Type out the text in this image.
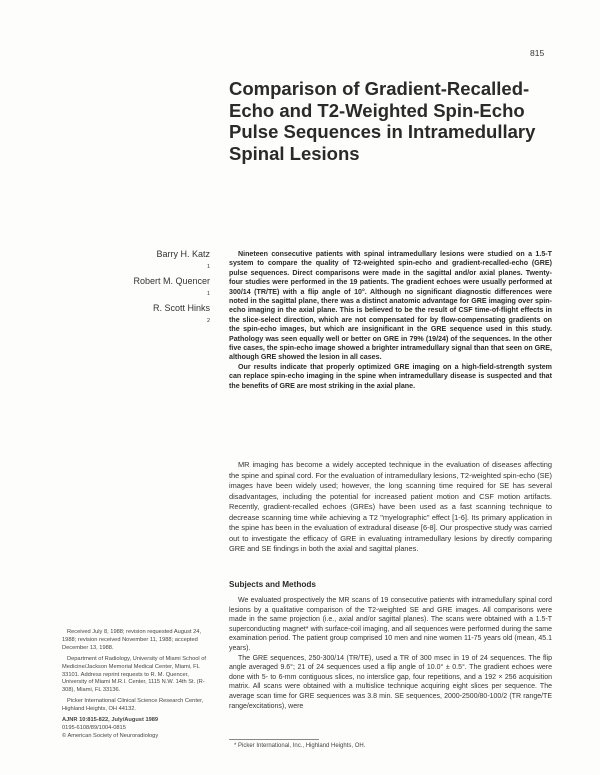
815
Comparison of Gradient-Recalled-
Echo and T2-Weighted Spin-Echo
Pulse Sequences in Intramedullary
Spinal Lesions
Barry H. Katz
$^1$
Robert M. Quencer
$^1$
R. Scott Hinks
$^2$

Nineteen consecutive patients with spinal intramedullary lesions were studied on a 1.5-T system to compare the quality of T2-weighted spin-echo and gradient-recalled-echo (GRE) pulse sequences. Direct comparisons were made in the sagittal and/or axial planes. Twenty-four studies were performed in the 19 patients. The gradient echoes were usually performed at 300/14 (TR/TE) with a flip angle of 10°. Although no significant diagnostic differences were noted in the sagittal plane, there was a distinct anatomic advantage for GRE imaging over spin-echo imaging in the axial plane. This is believed to be the result of CSF time-of-flight effects in the slice-select direction, which are not compensated for by flow-compensating gradients on the spin-echo images, but which are insignificant in the GRE sequence used in this study. Pathology was seen equally well or better on GRE in 79% (19/24) of the sequences. In the other five cases, the spin-echo image showed a brighter intramedullary signal than that seen on GRE, although GRE showed the lesion in all cases.

Our results indicate that properly optimized GRE imaging on a high-field-strength system can replace spin-echo imaging in the spine when intramedullary disease is suspected and that the benefits of GRE are most striking in the axial plane.

MR imaging has become a widely accepted technique in the evaluation of diseases affecting the spine and spinal cord. For the evaluation of intramedullary lesions, T2-weighted spin-echo (SE) images have been widely used; however, the long scanning time required for SE has several disadvantages, including the potential for increased patient motion and CSF motion artifacts. Recently, gradient-recalled echoes (GREs) have been used as a fast scanning technique to decrease scanning time while achieving a T2 "myelographic" effect [1-6]. Its primary application in the spine has been in the evaluation of extradural disease [6-8]. Our prospective study was carried out to investigate the efficacy of GRE in evaluating intramedullary lesions by directly comparing GRE and SE findings in both the axial and sagittal planes.

Subjects and Methods

We evaluated prospectively the MR scans of 19 consecutive patients with intramedullary spinal cord lesions by a qualitative comparison of the T2-weighted SE and GRE images. All comparisons were made in the same projection (i.e., axial and/or sagittal planes). The scans were obtained with a 1.5-T superconducting magnet* with surface-coil imaging, and all sequences were performed during the same examination period. The patient group comprised 10 men and nine women 11-75 years old (mean, 45.1 years).

The GRE sequences, 250-300/14 (TR/TE), used a TR of 300 msec in 19 of 24 sequences. The flip angle averaged 9.6°; 21 of 24 sequences used a flip angle of 10.0° ± 0.5°. The gradient echoes were done with 5- to 6-mm contiguous slices, no interslice gap, four repetitions, and a 192 × 256 acquisition matrix. All scans were obtained with a multislice technique acquiring eight slices per sequence. The average scan time for GRE sequences was 3.8 min. SE sequences, 2000-2500/80-100/2 (TR range/TE range/excitations), were

* Picker International, Inc., Highland Heights, OH.

Received July 8, 1988; revision requested August 24, 1988; revision received November 11, 1988; accepted December 13, 1988.

Department of Radiology, University of Miami School of Medicine/Jackson Memorial Medical Center, Miami, FL 33101. Address reprint requests to R. M. Quencer, University of Miami M.R.I. Center, 1115 N.W. 14th St. (R-308), Miami, FL 33136.

Picker International Clinical Science Research Center, Highland Heights, OH 44132.

AJNR 10:815-822, July/August 1989
0195-6108/89/1004-0815
© American Society of Neuroradiology
